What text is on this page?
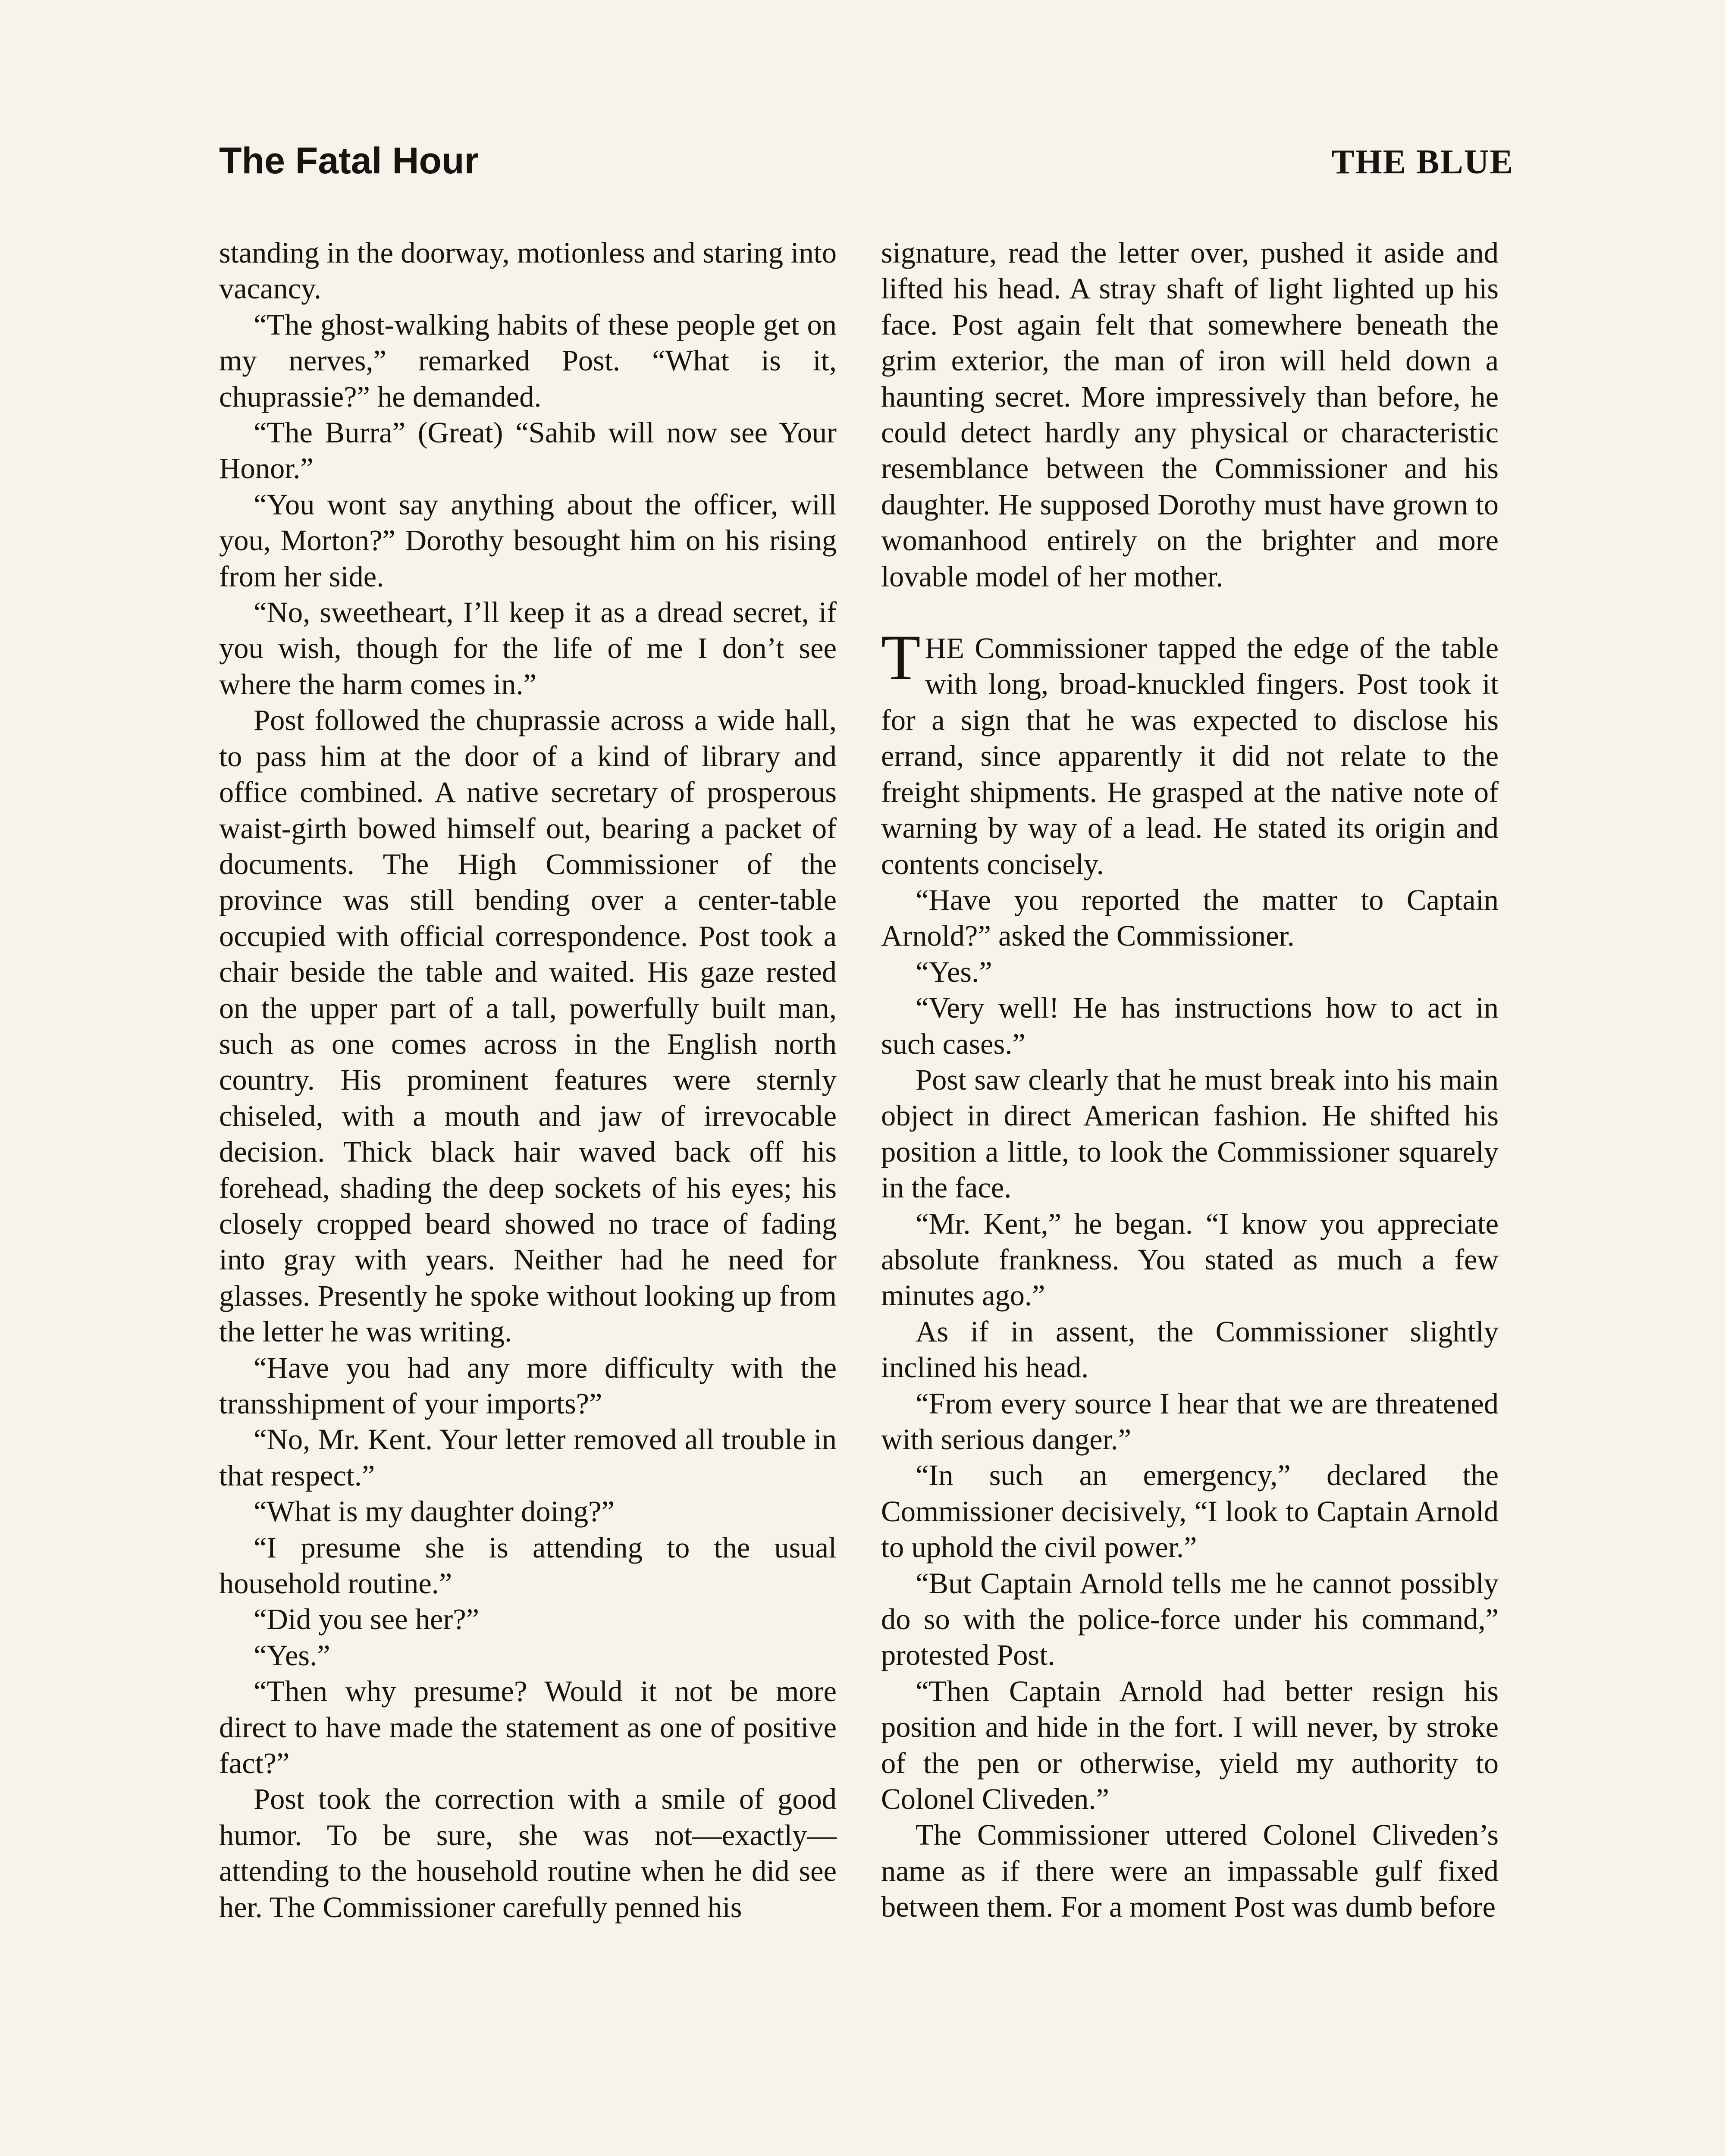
The Fatal Hour	THE BLUE

standing in the doorway, motionless and staring into vacancy.

“The ghost-walking habits of these people get on my nerves,” remarked Post. “What is it, chuprassie?” he demanded.

“The Burra” (Great) “Sahib will now see Your Honor.”

“You wont say anything about the officer, will you, Morton?” Dorothy besought him on his rising from her side.

“No, sweetheart, I’ll keep it as a dread secret, if you wish, though for the life of me I don’t see where the harm comes in.”

Post followed the chuprassie across a wide hall, to pass him at the door of a kind of library and office combined. A native secretary of prosperous waist-girth bowed himself out, bearing a packet of documents. The High Commissioner of the province was still bending over a center-table occupied with official correspondence. Post took a chair beside the table and waited. His gaze rested on the upper part of a tall, powerfully built man, such as one comes across in the English north country. His prominent features were sternly chiseled, with a mouth and jaw of irrevocable decision. Thick black hair waved back off his forehead, shading the deep sockets of his eyes; his closely cropped beard showed no trace of fading into gray with years. Neither had he need for glasses. Presently he spoke without looking up from the letter he was writing.

“Have you had any more difficulty with the transshipment of your imports?”

“No, Mr. Kent. Your letter removed all trouble in that respect.”

“What is my daughter doing?”

“I presume she is attending to the usual household routine.”

“Did you see her?”

“Yes.”

“Then why presume? Would it not be more direct to have made the statement as one of positive fact?”

Post took the correction with a smile of good humor. To be sure, she was not—exactly—attending to the household routine when he did see her. The Commissioner carefully penned his

signature, read the letter over, pushed it aside and lifted his head. A stray shaft of light lighted up his face. Post again felt that somewhere beneath the grim exterior, the man of iron will held down a haunting secret. More impressively than before, he could detect hardly any physical or characteristic resemblance between the Commissioner and his daughter. He supposed Dorothy must have grown to womanhood entirely on the brighter and more lovable model of her mother.

THE Commissioner tapped the edge of the table with long, broad-knuckled fingers. Post took it for a sign that he was expected to disclose his errand, since apparently it did not relate to the freight shipments. He grasped at the native note of warning by way of a lead. He stated its origin and contents concisely.

“Have you reported the matter to Captain Arnold?” asked the Commissioner.

“Yes.”

“Very well! He has instructions how to act in such cases.”

Post saw clearly that he must break into his main object in direct American fashion. He shifted his position a little, to look the Commissioner squarely in the face.

“Mr. Kent,” he began. “I know you appreciate absolute frankness. You stated as much a few minutes ago.”

As if in assent, the Commissioner slightly inclined his head.

“From every source I hear that we are threatened with serious danger.”

“In such an emergency,” declared the Commissioner decisively, “I look to Captain Arnold to uphold the civil power.”

“But Captain Arnold tells me he cannot possibly do so with the police-force under his command,” protested Post.

“Then Captain Arnold had better resign his position and hide in the fort. I will never, by stroke of the pen or otherwise, yield my authority to Colonel Cliveden.”

The Commissioner uttered Colonel Cliveden’s name as if there were an impassable gulf fixed between them. For a moment Post was dumb before
